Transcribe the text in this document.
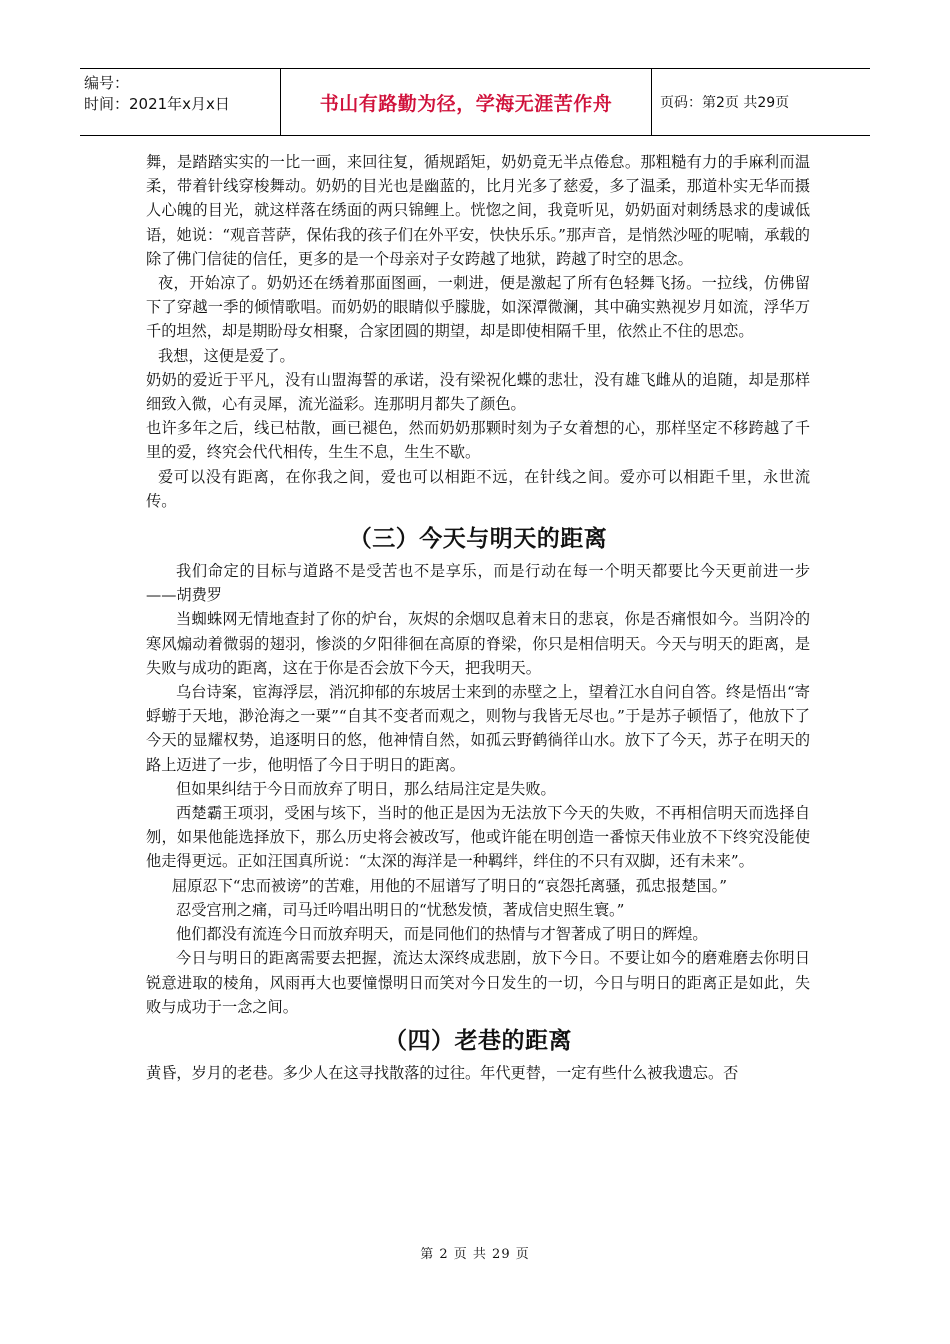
编号：
时间：2021年x月x日	书山有路勤为径，学海无涯苦作舟	页码：第2页 共29页

舞，是踏踏实实的一比一画，来回往复，循规蹈矩，奶奶竟无半点倦怠。那粗糙有力的手麻利而温柔，带着针线穿梭舞动。奶奶的目光也是幽蓝的，比月光多了慈爱，多了温柔，那道朴实无华而摄人心魄的目光，就这样落在绣面的两只锦鲤上。恍惚之间，我竟听见，奶奶面对刺绣恳求的虔诚低语，她说：“观音菩萨，保佑我的孩子们在外平安，快快乐乐。”那声音，是悄然沙哑的呢喃，承载的除了佛门信徒的信任，更多的是一个母亲对子女跨越了地狱，跨越了时空的思念。

夜，开始凉了。奶奶还在绣着那面图画，一刺进，便是激起了所有色轻舞飞扬。一拉线，仿佛留下了穿越一季的倾情歌唱。而奶奶的眼睛似乎朦胧，如深潭微澜，其中确实熟视岁月如流，浮华万千的坦然，却是期盼母女相聚，合家团圆的期望，却是即使相隔千里，依然止不住的思恋。

我想，这便是爱了。

奶奶的爱近于平凡，没有山盟海誓的承诺，没有梁祝化蝶的悲壮，没有雄飞雌从的追随，却是那样细致入微，心有灵犀，流光溢彩。连那明月都失了颜色。

也许多年之后，线已枯散，画已褪色，然而奶奶那颗时刻为子女着想的心，那样坚定不移跨越了千里的爱，终究会代代相传，生生不息，生生不歇。

爱可以没有距离，在你我之间，爱也可以相距不远，在针线之间。爱亦可以相距千里，永世流传。

（三）今天与明天的距离

我们命定的目标与道路不是受苦也不是享乐，而是行动在每一个明天都要比今天更前进一步　　　——胡费罗

当蜘蛛网无情地查封了你的炉台，灰烬的余烟叹息着末日的悲哀，你是否痛恨如今。当阴冷的寒风煽动着微弱的翅羽，惨淡的夕阳徘徊在高原的脊梁，你只是相信明天。今天与明天的距离，是失败与成功的距离，这在于你是否会放下今天，把我明天。

乌台诗案，宦海浮层，消沉抑郁的东坡居士来到的赤壁之上，望着江水自问自答。终是悟出“寄蜉蝣于天地，渺沧海之一粟”“自其不变者而观之，则物与我皆无尽也。”于是苏子顿悟了，他放下了今天的显耀权势，追逐明日的悠，他神情自然，如孤云野鹤徜徉山水。放下了今天，苏子在明天的路上迈进了一步，他明悟了今日于明日的距离。

但如果纠结于今日而放弃了明日，那么结局注定是失败。

西楚霸王项羽，受困与垓下，当时的他正是因为无法放下今天的失败，不再相信明天而选择自刎，如果他能选择放下，那么历史将会被改写，他或许能在明创造一番惊天伟业放不下终究没能使他走得更远。正如汪国真所说：“太深的海洋是一种羁绊，绊住的不只有双脚，还有未来”。

屈原忍下“忠而被谤”的苦难，用他的不屈谱写了明日的“哀怨托离骚，孤忠报楚国。”

忍受宫刑之痛，司马迁吟唱出明日的“忧愁发愤，著成信史照生寰。”

他们都没有流连今日而放弃明天，而是同他们的热情与才智著成了明日的辉煌。

今日与明日的距离需要去把握，流达太深终成悲剧，放下今日。不要让如今的磨难磨去你明日锐意进取的棱角，风雨再大也要憧憬明日而笑对今日发生的一切，今日与明日的距离正是如此，失败与成功于一念之间。

（四）老巷的距离

黄昏，岁月的老巷。多少人在这寻找散落的过往。年代更替，一定有些什么被我遗忘。否

第 2 页 共 29 页
